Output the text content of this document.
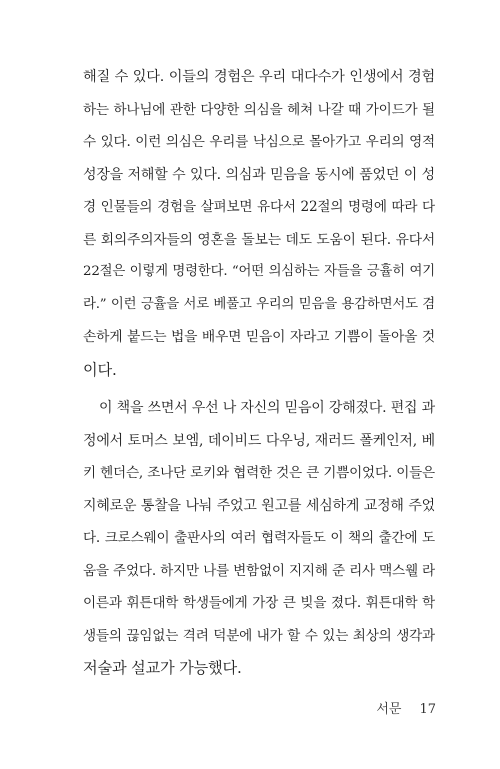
해질 수 있다. 이들의 경험은 우리 대다수가 인생에서 경험
하는 하나님에 관한 다양한 의심을 헤쳐 나갈 때 가이드가 될
수 있다. 이런 의심은 우리를 낙심으로 몰아가고 우리의 영적
성장을 저해할 수 있다. 의심과 믿음을 동시에 품었던 이 성
경 인물들의 경험을 살펴보면 유다서 22절의 명령에 따라 다
른 회의주의자들의 영혼을 돌보는 데도 도움이 된다. 유다서
22절은 이렇게 명령한다. “어떤 의심하는 자들을 긍휼히 여기
라.” 이런 긍휼을 서로 베풀고 우리의 믿음을 용감하면서도 겸
손하게 붙드는 법을 배우면 믿음이 자라고 기쁨이 돌아올 것
이다.
이 책을 쓰면서 우선 나 자신의 믿음이 강해졌다. 편집 과
정에서 토머스 보엠, 데이비드 다우닝, 재러드 폴케인저, 베
키 헨더슨, 조나단 로키와 협력한 것은 큰 기쁨이었다. 이들은
지혜로운 통찰을 나눠 주었고 원고를 세심하게 교정해 주었
다. 크로스웨이 출판사의 여러 협력자들도 이 책의 출간에 도
움을 주었다. 하지만 나를 변함없이 지지해 준 리사 맥스웰 라
이른과 휘튼대학 학생들에게 가장 큰 빚을 졌다. 휘튼대학 학
생들의 끊임없는 격려 덕분에 내가 할 수 있는 최상의 생각과
저술과 설교가 가능했다.
서문 17
